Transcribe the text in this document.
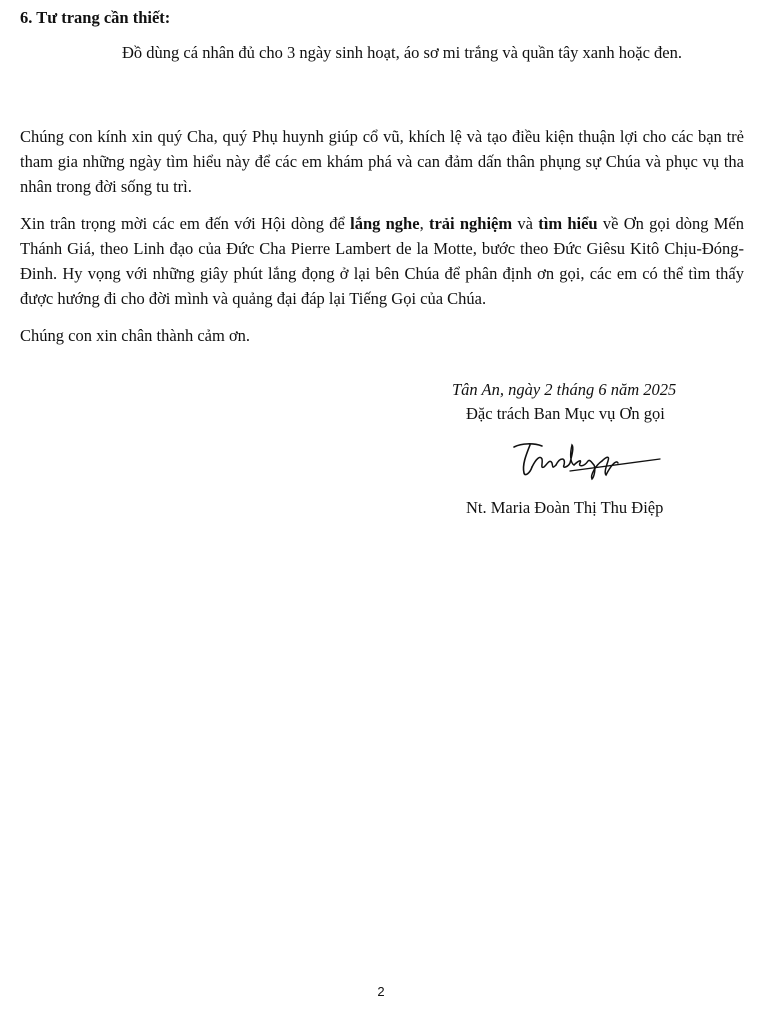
6. Tư trang cần thiết:
Đồ dùng cá nhân đủ cho 3 ngày sinh hoạt, áo sơ mi trắng và quần tây xanh hoặc đen.
Chúng con kính xin quý Cha, quý Phụ huynh giúp cổ vũ, khích lệ và tạo điều kiện thuận lợi cho các bạn trẻ tham gia những ngày tìm hiểu này để các em khám phá và can đảm dấn thân phụng sự Chúa và phục vụ tha nhân trong đời sống tu trì.
Xin trân trọng mời các em đến với Hội dòng để lắng nghe, trải nghiệm và tìm hiểu về Ơn gọi dòng Mến Thánh Giá, theo Linh đạo của Đức Cha Pierre Lambert de la Motte, bước theo Đức Giêsu Kitô Chịu-Đóng-Đinh. Hy vọng với những giây phút lắng đọng ở lại bên Chúa để phân định ơn gọi, các em có thể tìm thấy được hướng đi cho đời mình và quảng đại đáp lại Tiếng Gọi của Chúa.
Chúng con xin chân thành cảm ơn.
Tân An, ngày 2 tháng 6 năm 2025
Đặc trách Ban Mục vụ Ơn gọi
Nt. Maria Đoàn Thị Thu Điệp
2
